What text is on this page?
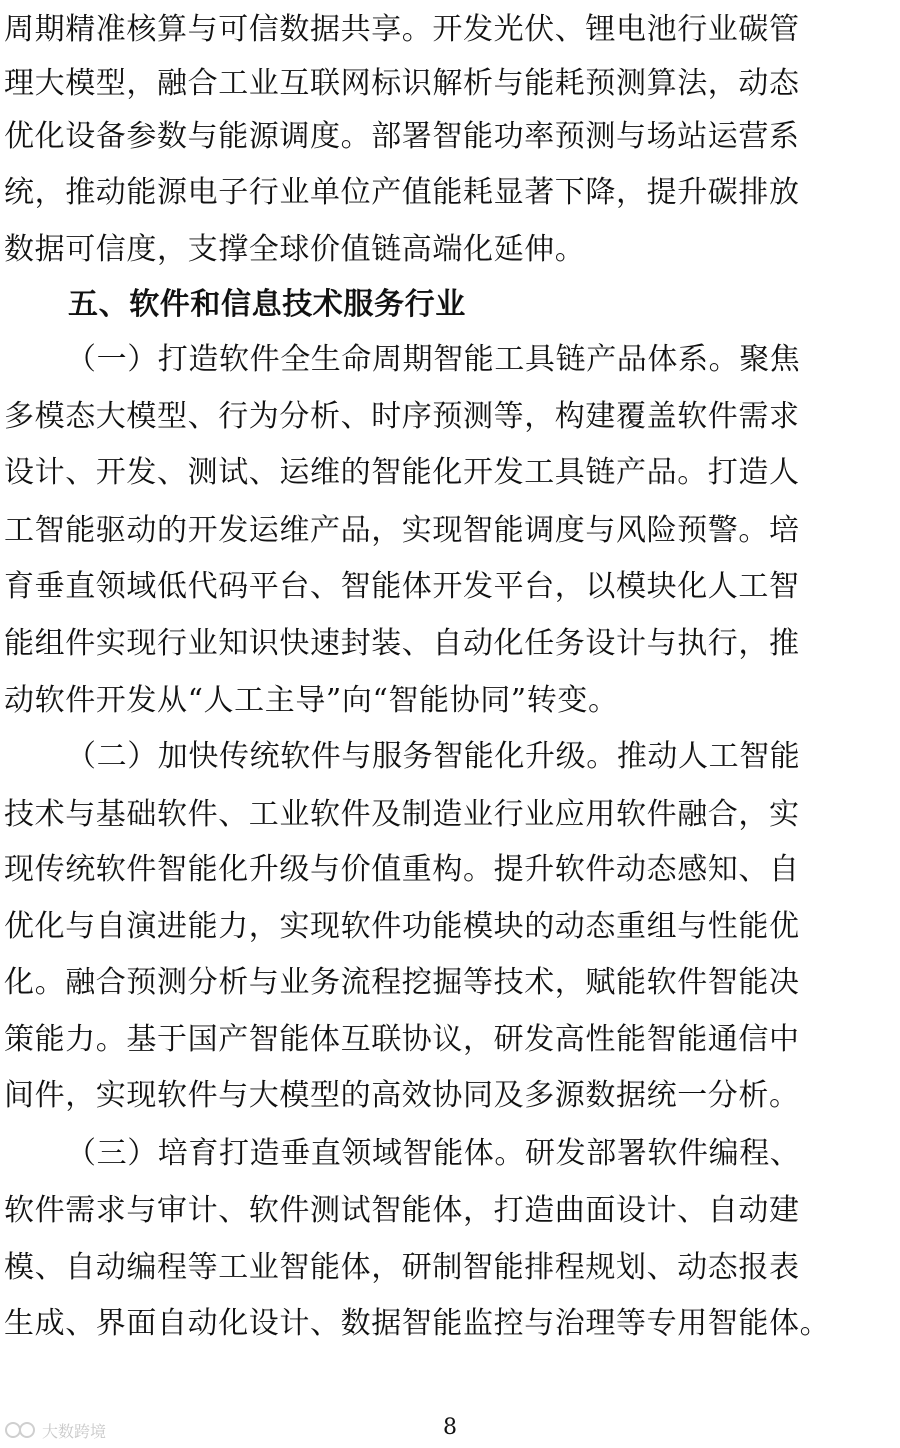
周期精准核算与可信数据共享。开发光伏、锂电池行业碳管
理大模型，融合工业互联网标识解析与能耗预测算法，动态
优化设备参数与能源调度。部署智能功率预测与场站运营系
统，推动能源电子行业单位产值能耗显著下降，提升碳排放
数据可信度，支撑全球价值链高端化延伸。
五、软件和信息技术服务行业
（一）打造软件全生命周期智能工具链产品体系。聚焦
多模态大模型、行为分析、时序预测等，构建覆盖软件需求
设计、开发、测试、运维的智能化开发工具链产品。打造人
工智能驱动的开发运维产品，实现智能调度与风险预警。培
育垂直领域低代码平台、智能体开发平台，以模块化人工智
能组件实现行业知识快速封装、自动化任务设计与执行，推
动软件开发从“人工主导”向“智能协同”转变。
（二）加快传统软件与服务智能化升级。推动人工智能
技术与基础软件、工业软件及制造业行业应用软件融合，实
现传统软件智能化升级与价值重构。提升软件动态感知、自
优化与自演进能力，实现软件功能模块的动态重组与性能优
化。融合预测分析与业务流程挖掘等技术，赋能软件智能决
策能力。基于国产智能体互联协议，研发高性能智能通信中
间件，实现软件与大模型的高效协同及多源数据统一分析。
（三）培育打造垂直领域智能体。研发部署软件编程、
软件需求与审计、软件测试智能体，打造曲面设计、自动建
模、自动编程等工业智能体，研制智能排程规划、动态报表
生成、界面自动化设计、数据智能监控与治理等专用智能体。
大数跨境	8
